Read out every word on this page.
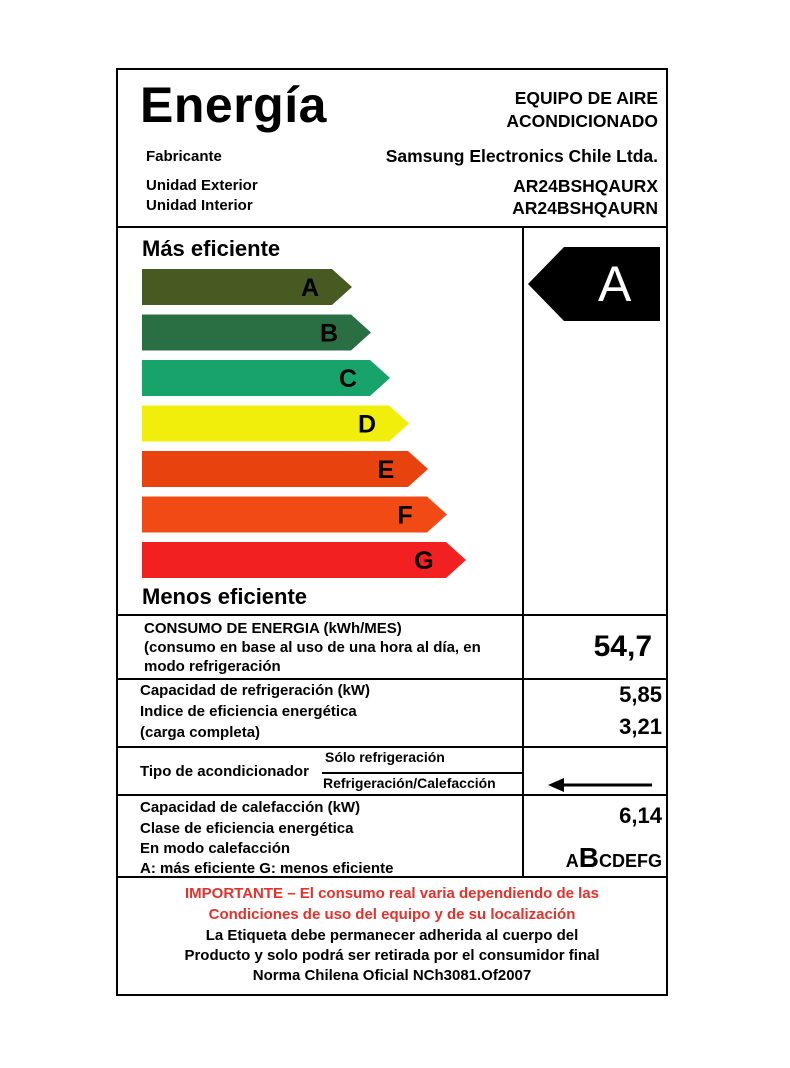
Energía	EQUIPO DE AIRE
ACONDICIONADO
Fabricante	Samsung Electronics Chile Ltda.
Unidad Exterior	AR24BSHQAURX
Unidad Interior	AR24BSHQAURN
Más eficiente
A
B
C
D
E
F
G
Menos eficiente
A
CONSUMO DE ENERGIA (kWh/MES)
(consumo en base al uso de una hora al día, en
modo refrigeración
54,7
Capacidad de refrigeración (kW)	5,85
Indice de eficiencia energética
(carga completa)	3,21
Tipo de acondicionador
Sólo refrigeración
Refrigeración/Calefacción
Capacidad de calefacción (kW)	6,14
Clase de eficiencia energética
En modo calefacción
A: más eficiente G: menos eficiente	ABCDEFG
IMPORTANTE – El consumo real varia dependiendo de las
Condiciones de uso del equipo y de su localización
La Etiqueta debe permanecer adherida al cuerpo del
Producto y solo podrá ser retirada por el consumidor final
Norma Chilena Oficial NCh3081.Of2007
